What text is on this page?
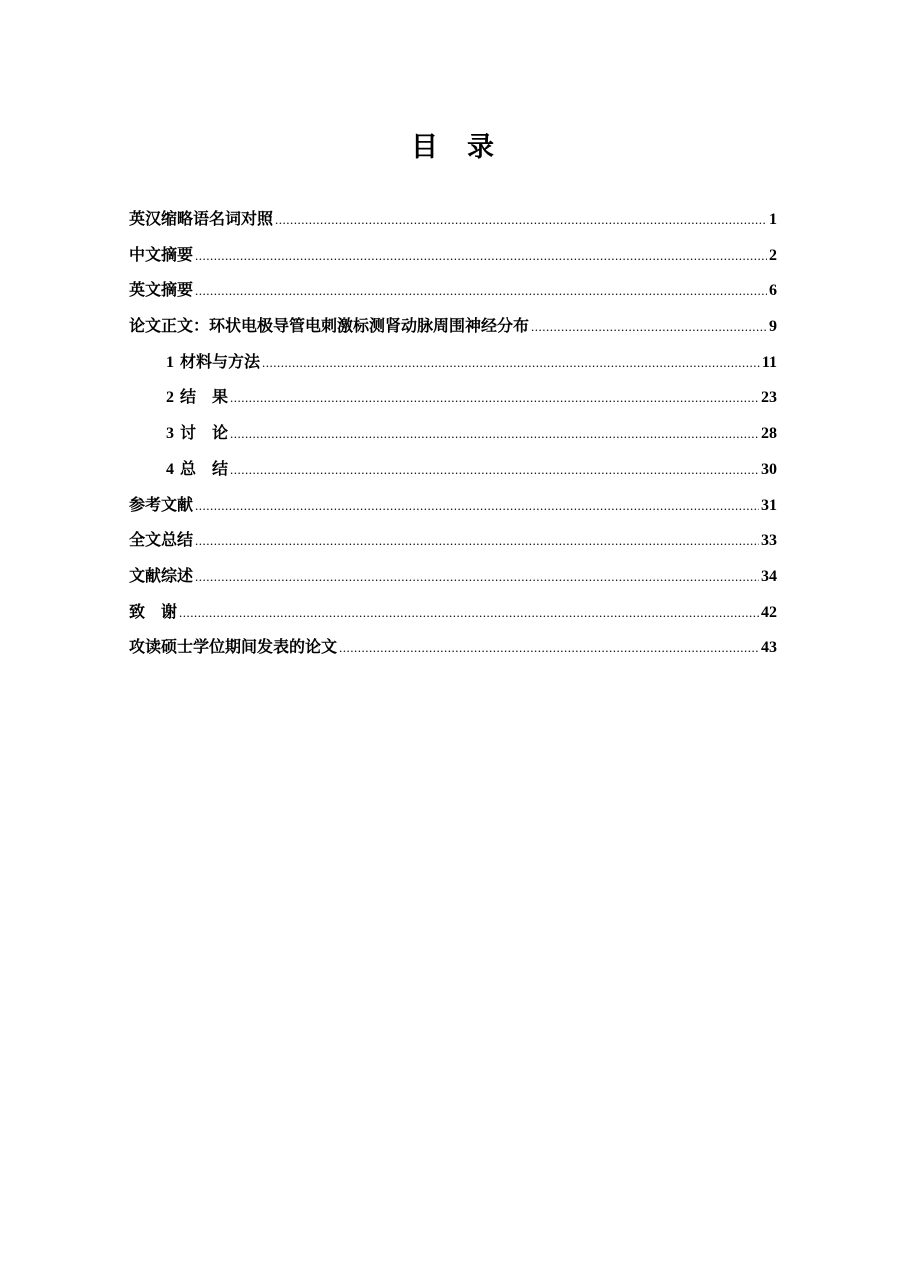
目　录
英汉缩略语名词对照 .....	1
中文摘要 .....	2
英文摘要 .....	6
论文正文：环状电极导管电刺激标测肾动脉周围神经分布 .....	9
1 材料与方法 .....	11
2 结　果 .....	23
3 讨　论 .....	28
4 总　结 .....	30
参考文献 .....	31
全文总结 .....	33
文献综述 .....	34
致　谢 .....	42
攻读硕士学位期间发表的论文 .....	43
